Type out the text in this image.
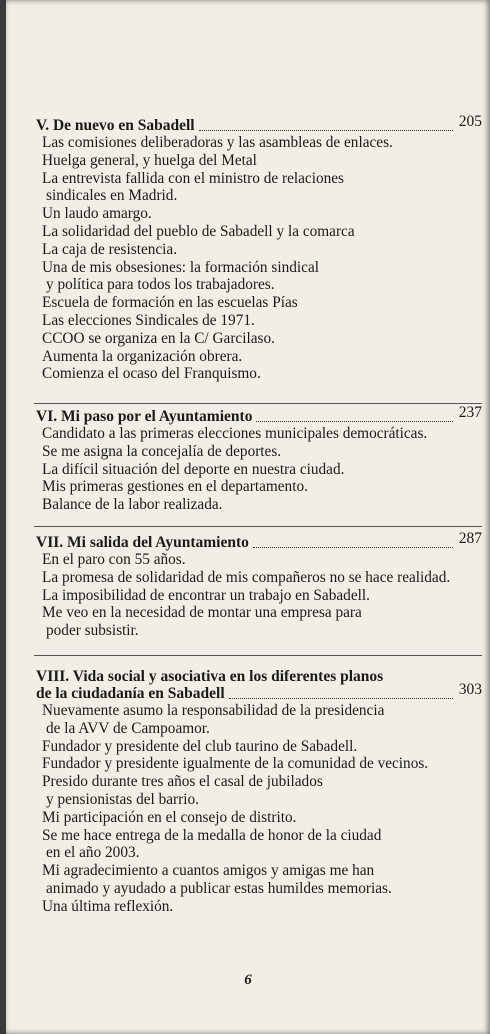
V. De nuevo en Sabadell	205
Las comisiones deliberadoras y las asambleas de enlaces.
Huelga general, y huelga del Metal
La entrevista fallida con el ministro de relaciones
sindicales en Madrid.
Un laudo amargo.
La solidaridad del pueblo de Sabadell y la comarca
La caja de resistencia.
Una de mis obsesiones: la formación sindical
y política para todos los trabajadores.
Escuela de formación en las escuelas Pías
Las elecciones Sindicales de 1971.
CCOO se organiza en la C/ Garcilaso.
Aumenta la organización obrera.
Comienza el ocaso del Franquismo.
VI. Mi paso por el Ayuntamiento	237
Candidato a las primeras elecciones municipales democráticas.
Se me asigna la concejalía de deportes.
La difícil situación del deporte en nuestra ciudad.
Mis primeras gestiones en el departamento.
Balance de la labor realizada.
VII. Mi salida del Ayuntamiento	287
En el paro con 55 años.
La promesa de solidaridad de mis compañeros no se hace realidad.
La imposibilidad de encontrar un trabajo en Sabadell.
Me veo en la necesidad de montar una empresa para
poder subsistir.
VIII. Vida social y asociativa en los diferentes planos
de la ciudadanía en Sabadell	303
Nuevamente asumo la responsabilidad de la presidencia
de la AVV de Campoamor.
Fundador y presidente del club taurino de Sabadell.
Fundador y presidente igualmente de la comunidad de vecinos.
Presido durante tres años el casal de jubilados
y pensionistas del barrio.
Mi participación en el consejo de distrito.
Se me hace entrega de la medalla de honor de la ciudad
en el año 2003.
Mi agradecimiento a cuantos amigos y amigas me han
animado y ayudado a publicar estas humildes memorias.
Una última reflexión.
6
